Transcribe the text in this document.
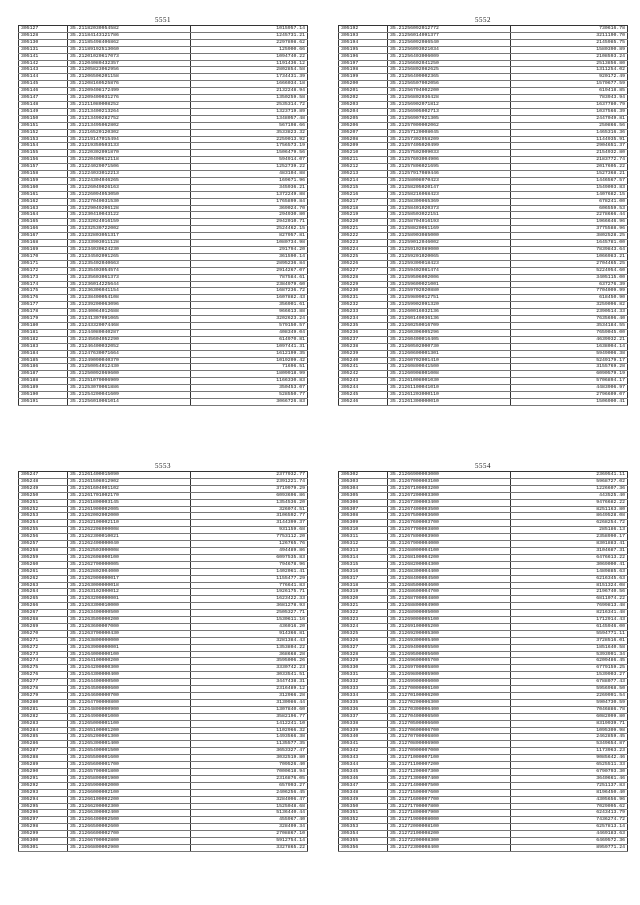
5551
305127	35.21182030954582	1015957.14
305128	35.21184143121786	1245731.21
305130	35.21185498406862	2297898.62
305131	35.21189192513060	125900.66
305141	35.21201020617073	1094740.22
305142	35.21204080432357	1191436.12
305143	35.21205823062956	2802854.58
305144	35.21206506201158	1734431.39
305145	35.21208160525876	1666034.18
305146	35.21209408172499	2132248.94
305147	35.21209409031276	1350259.58
305148	35.21211080008252	2535314.72
305149	35.21213400213264	1323719.89
305150	35.21213490282752	1348057.48
305151	35.21213495062802	567198.66
305152	35.21216520120302	3533823.32
305153	35.21219147015494	2259013.92
305154	35.21219350503133	1756573.19
305155	35.21220302091870	1506479.56
305156	35.21220400612118	594914.07
305157	35.21224029071506	1252739.22
305158	35.21224033012213	483104.88
305159	35.21224304046265	169671.96
305160	35.21226049026163	345936.21
305161	35.21226094053050	1372249.88
305162	35.21227040031530	1765899.84
305163	35.21229049206128	369024.70
305164	35.21230410043122	294930.80
305165	35.21232024016159	2942010.71
305166	35.21232530722002	2524462.15
305167	35.21232803051317	827957.81
305168	35.21233903011128	1080734.98
305169	35.21234030624230	291794.20
305170	35.21234502091265	361590.14
305171	35.21235402040663	2895236.84
305172	35.21235403054574	2914267.07
305173	35.21235603061373	787584.61
305174	35.21236014225644	2384979.60
305175	35.21236306041154	1687236.72
305176	35.21238400054108	1607882.43
305177	35.21239200063096	356901.61
305178	35.21240064012688	966613.88
305179	35.21241307091065	3202623.24
305180	35.21243320074468	579150.57
305181	35.21244080040287	408349.04
305182	35.21245604052290	614970.81
305183	35.21246400032052	1097441.31
305184	35.21247630071664	1612199.35
305185	35.21249090040370	1019209.42
305186	35.21250054012430	71696.51
305187	35.21250092069600	1809918.99
305188	35.21251070006909	1166330.83
305189	35.21253070061886	350453.07
305190	35.21254200041609	528550.77
305191	35.21256010061014	3066726.83
5552
305192	35.21256092012772	730616.78
305193	35.21256014091377	3211190.70
305194	35.21256092086540	2145985.75
305195	35.21256093021034	1580390.89
305196	35.21256403006009	2108593.24
305197	35.21256602041250	2513856.80
305198	35.21256802082625	1311254.02
305199	35.21256409002365	920172.49
305200	35.21256507002056	1570677.59
305201	35.21256704002200	619418.85
305202	35.21256802036428	783943.94
305203	35.21256902071812	1637780.79
305204	35.21256905002713	1037566.39
305205	35.21256907021305	2447049.81
305206	35.21257009002062	250866.56
305207	35.21257120008045	1465316.36
305208	35.21257302058209	1144935.91
305209	35.21257405020499	2904651.37
305210	35.21257502009033	2154932.80
305211	35.21257603004906	2183772.74
305212	35.21257806021695	2017605.22
305213	35.21257917089446	1527368.21
305214	35.21258008070423	1446567.57
305215	35.21258205020147	1549093.83
305216	35.21258216068423	1407682.15
305217	35.21258309065369	678241.00
305218	35.21258401020373	606559.53
305219	35.21258503022151	2278666.44
305220	35.21258704016193	1966646.96
305221	35.21258820061169	3775588.96
305222	35.21258903085000	3802528.25
305223	35.21259012046002	1645781.00
305224	35.21259102089000	7839843.64
305225	35.21259201020065	1066983.21
305226	35.21259309018423	2704465.25
305227	35.21259402081474	5224954.60
305228	35.21259506002006	3405115.00
305229	35.21259609021001	637276.39
305230	35.21259702020880	7704009.99
305231	35.21259809012751	618450.90
305232	35.21259902091320	3259096.82
305233	35.21260016032136	2390514.33
305234	35.21260140036136	7635696.40
305235	35.21260250016709	3534184.55
305236	35.21260306005296	7659045.00
305237	35.21260400016405	4639932.21
305238	35.21260502000730	1638004.14
305239	35.21260600001301	5949006.38
305240	35.21260702001410	5249179.17
305241	35.21260800041500	3155769.28
305242	35.21260908001008	6090579.19
305243	35.21261008001030	5706894.17
305244	35.21261100041010	4483906.97
305245	35.21261203000110	2796609.07
305246	35.21261300000010	1506900.41
5553
305247	35.21261400015090	2377932.77
305248	35.21261508012902	2391221.74
305249	35.21261604001102	3719979.29
305250	35.21261701002170	6093696.86
305251	35.21261800003145	1354536.20
305252	35.21261900002005	326074.51
305253	35.21262002002000	3106592.77
305254	35.21262100002110	3144399.37
305255	35.21262208000008	931159.68
305256	35.21262300010021	7753112.20
305257	35.21262400000040	126765.76
305258	35.21262503000008	494489.86
305259	35.21262608000100	6097535.83
305260	35.21262700000005	794678.96
305261	35.21262802004000	1402061.41
305262	35.21262900000017	1155477.29
305263	35.21263000000018	776641.83
305264	35.21263102000012	1926175.71
305265	35.21263200000001	1623422.33
305266	35.21263300010000	3681278.93
305267	35.21263400000500	2505327.71
305268	35.21263509000200	1530611.16
305269	35.21263600007000	436016.20
305270	35.21263700000430	914366.81
305271	35.21263800000000	3281384.43
305272	35.21263900000001	1353804.22
305273	35.21264000000100	368668.28
305274	35.21264100000200	3595006.26
305275	35.21264200000300	3330742.23
305276	35.21264300000400	3033541.51
305277	35.21264400000500	3447438.31
305278	35.21264500000600	2316489.12
305279	35.21264600000700	312966.28
305280	35.21264700000800	3130986.44
305281	35.21264800000900	1307840.60
305282	35.21264900001000	3582196.77
305283	35.21265000001100	1412241.10
305284	35.21265100001200	1102966.32
305285	35.21265200001300	1493566.38
305286	35.21265300001400	1135577.35
305287	35.21265400001500	3653327.47
305288	35.21265500001600	3032519.80
305289	35.21265600001700	709526.40
305290	35.21265700001800	7000618.94
305291	35.21265800001900	2316876.05
305292	35.21265900002000	657993.27
305293	35.21266000002100	2406256.45
305294	35.21266100002200	3284096.47
305295	35.21266200002300	1525048.68
305296	35.21266300002400	5136440.44
305297	35.21266400002500	455967.40
305298	35.21266500002600	328409.34
305299	35.21266600002700	2708867.10
305300	35.21266700002800	5912754.14
305301	35.21266800002900	3327865.22
5554
305302	35.21266900003000	2369541.11
305303	35.21267000003100	5968727.02
305304	35.21267100003200	1226607.36
305305	35.21267200003300	443525.40
305306	35.21267300003400	9476682.22
305307	35.21267400003500	8251163.80
305308	35.21267500003600	8649528.08
305309	35.21267600003700	6268254.72
305310	35.21267700003800	285186.13
305311	35.21267800003900	2358990.17
305312	35.21267900004000	8301883.41
305313	35.21268000004100	3104687.31
305314	35.21268100004200	6476613.22
305315	35.21268200004300	3069000.41
305316	35.21268300004400	1489885.63
305317	35.21268400004500	6216345.63
305318	35.21268500004600	8151324.08
305319	35.21268600004700	2196740.56
305320	35.21268700004800	6811074.22
305321	35.21268800004900	7699813.48
305322	35.21268900005000	8216341.48
305323	35.21269000005100	1712914.43
305324	35.21269100005200	6145946.00
305325	35.21269200005300	5594771.11
305326	35.21269300005400	3728516.01
305327	35.21269400005500	1851640.58
305328	35.21269500005600	5393991.34
305329	35.21269600005700	6209486.45
305330	35.21269700005800	6779159.25
305331	35.21269800005900	1539903.27
305332	35.21269900006000	6788077.43
305333	35.21270000006100	5956968.50
305334	35.21270100006200	2269991.54
305335	35.21270200006300	5904730.59
305336	35.21270300006400	7046886.78
305337	35.21270400006500	6082099.80
305338	35.21270500006600	8319939.71
305339	35.21270600006700	1095309.98
305340	35.21270700006800	2462859.45
305341	35.21270800006900	5349654.87
305342	35.21270900007000	1173963.23
305343	35.21271000007100	9085642.46
305344	35.21271100007200	6525511.33
305345	35.21271200007300	6790793.30
305346	35.21271300007400	3640661.46
305347	35.21271400007500	7251137.83
305348	35.21271500007600	8196450.40
305349	35.21271600007700	4305656.96
305350	35.21271700007800	7029095.62
305351	35.21271800007900	6243413.79
305352	35.21271900008000	7436274.72
305353	35.21272000008100	6257813.14
305354	35.21272100008200	4469183.63
305355	35.21272200008300	6469572.36
305356	35.21272300008400	8959771.24
